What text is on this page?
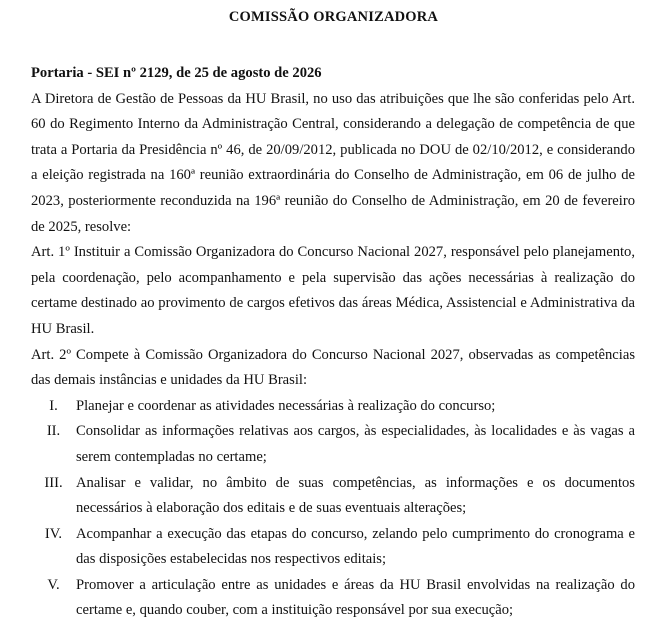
COMISSÃO ORGANIZADORA
Portaria - SEI nº 2129, de 25 de agosto de 2026
A Diretora de Gestão de Pessoas da HU Brasil, no uso das atribuições que lhe são conferidas pelo Art. 60 do Regimento Interno da Administração Central, considerando a delegação de competência de que trata a Portaria da Presidência nº 46, de 20/09/2012, publicada no DOU de 02/10/2012, e considerando a eleição registrada na 160ª reunião extraordinária do Conselho de Administração, em 06 de julho de 2023, posteriormente reconduzida na 196ª reunião do Conselho de Administração, em 20 de fevereiro de 2025, resolve:
Art. 1º Instituir a Comissão Organizadora do Concurso Nacional 2027, responsável pelo planejamento, pela coordenação, pelo acompanhamento e pela supervisão das ações necessárias à realização do certame destinado ao provimento de cargos efetivos das áreas Médica, Assistencial e Administrativa da HU Brasil.
Art. 2º Compete à Comissão Organizadora do Concurso Nacional 2027, observadas as competências das demais instâncias e unidades da HU Brasil:
I.	Planejar e coordenar as atividades necessárias à realização do concurso;
II.	Consolidar as informações relativas aos cargos, às especialidades, às localidades e às vagas a serem contempladas no certame;
III. Analisar e validar, no âmbito de suas competências, as informações e os documentos necessários à elaboração dos editais e de suas eventuais alterações;
IV. Acompanhar a execução das etapas do concurso, zelando pelo cumprimento do cronograma e das disposições estabelecidas nos respectivos editais;
V.	Promover a articulação entre as unidades e áreas da HU Brasil envolvidas na realização do certame e, quando couber, com a instituição responsável por sua execução;
